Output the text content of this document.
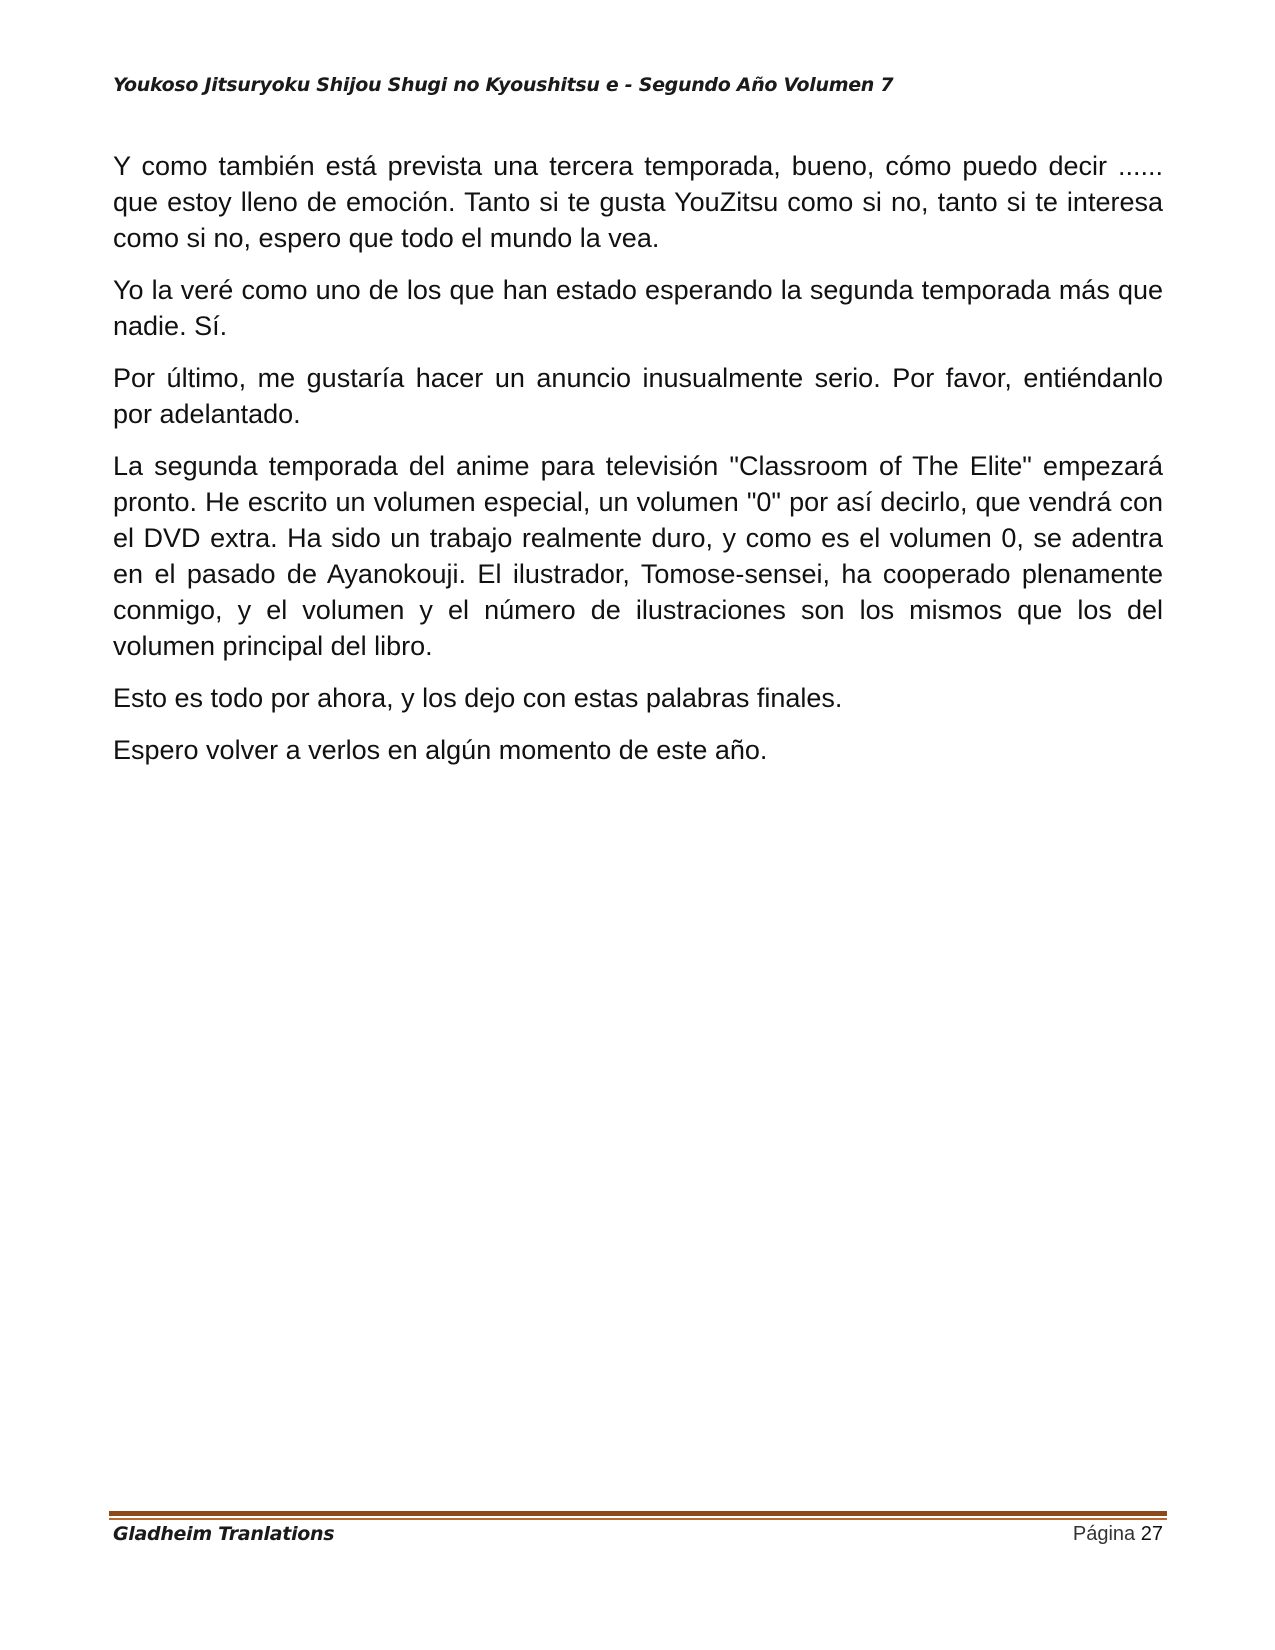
Youkoso Jitsuryoku Shijou Shugi no Kyoushitsu e - Segundo Año Volumen 7

Y como también está prevista una tercera temporada, bueno, cómo puedo decir ...... que estoy lleno de emoción. Tanto si te gusta YouZitsu como si no, tanto si te interesa como si no, espero que todo el mundo la vea.

Yo la veré como uno de los que han estado esperando la segunda temporada más que nadie. Sí.

Por último, me gustaría hacer un anuncio inusualmente serio. Por favor, entiéndanlo por adelantado.

La segunda temporada del anime para televisión "Classroom of The Elite" empezará pronto. He escrito un volumen especial, un volumen "0" por así decirlo, que vendrá con el DVD extra. Ha sido un trabajo realmente duro, y como es el volumen 0, se adentra en el pasado de Ayanokouji. El ilustrador, Tomose-sensei, ha cooperado plenamente conmigo, y el volumen y el número de ilustraciones son los mismos que los del volumen principal del libro.

Esto es todo por ahora, y los dejo con estas palabras finales.

Espero volver a verlos en algún momento de este año.

Gladheim Tranlations	Página 27
